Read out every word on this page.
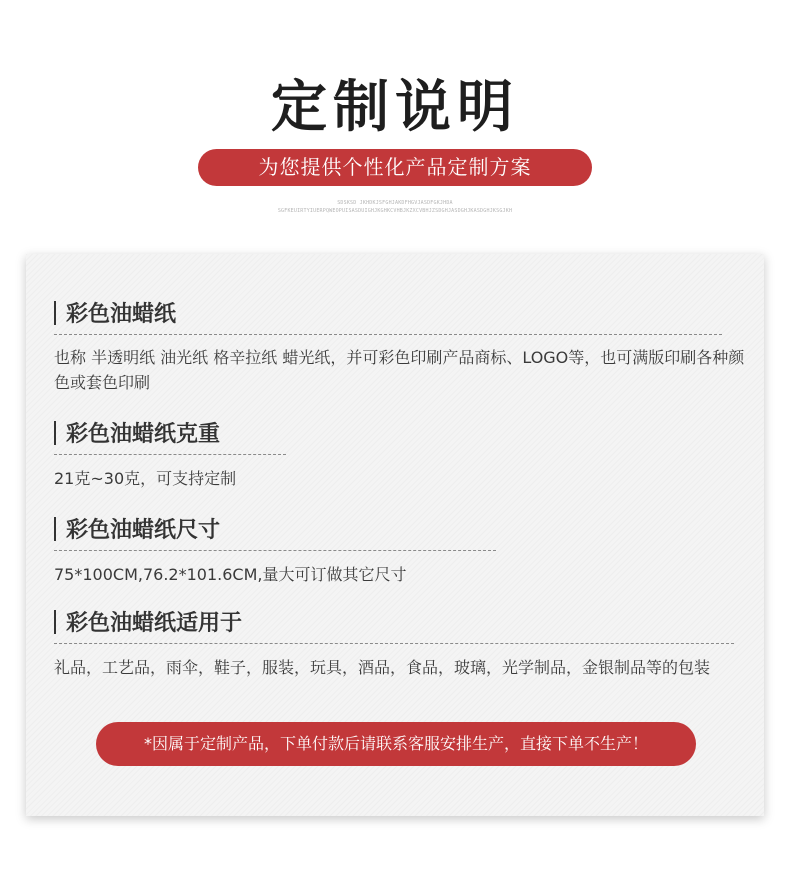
定制说明
为您提供个性化产品定制方案
SDSKSD JKHDKJSFGHJAKDFHGVJASDFGKJHDA
SGFKEUIRTYIUERPQWEOPUISASDUIGHJKGHKCVHBJKZXCVBHJZSDGHJASDGHJKASDGHJKSGJKH
彩色油蜡纸
也称 半透明纸 油光纸 格辛拉纸 蜡光纸，并可彩色印刷产品商标、LOGO等，也可满版印刷各种颜色或套色印刷
彩色油蜡纸克重
21克~30克，可支持定制
彩色油蜡纸尺寸
75*100CM,76.2*101.6CM,量大可订做其它尺寸
彩色油蜡纸适用于
礼品，工艺品，雨伞，鞋子，服装，玩具，酒品，食品，玻璃，光学制品，金银制品等的包装
*因属于定制产品，下单付款后请联系客服安排生产，直接下单不生产！
